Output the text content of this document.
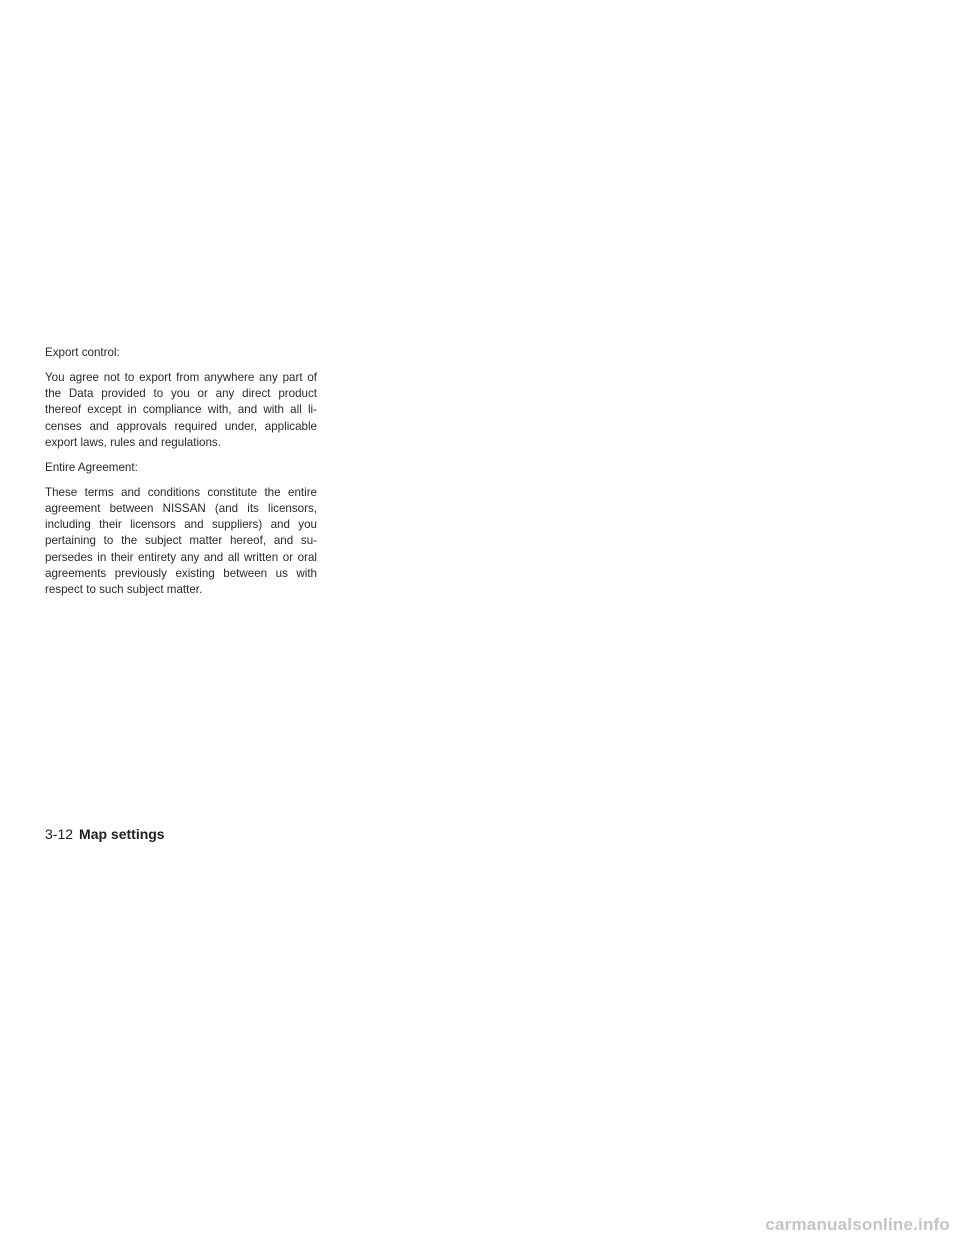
Export control:

You agree not to export from anywhere any part of the Data provided to you or any direct product thereof except in compliance with, and with all li- censes and approvals required under, applicable export laws, rules and regulations.

Entire Agreement:

These terms and conditions constitute the entire agreement between NISSAN (and its licensors, including their licensors and suppliers) and you pertaining to the subject matter hereof, and su- persedes in their entirety any and all written or oral agreements previously existing between us with respect to such subject matter.

3-12 Map settings
carmanualsonline.info
